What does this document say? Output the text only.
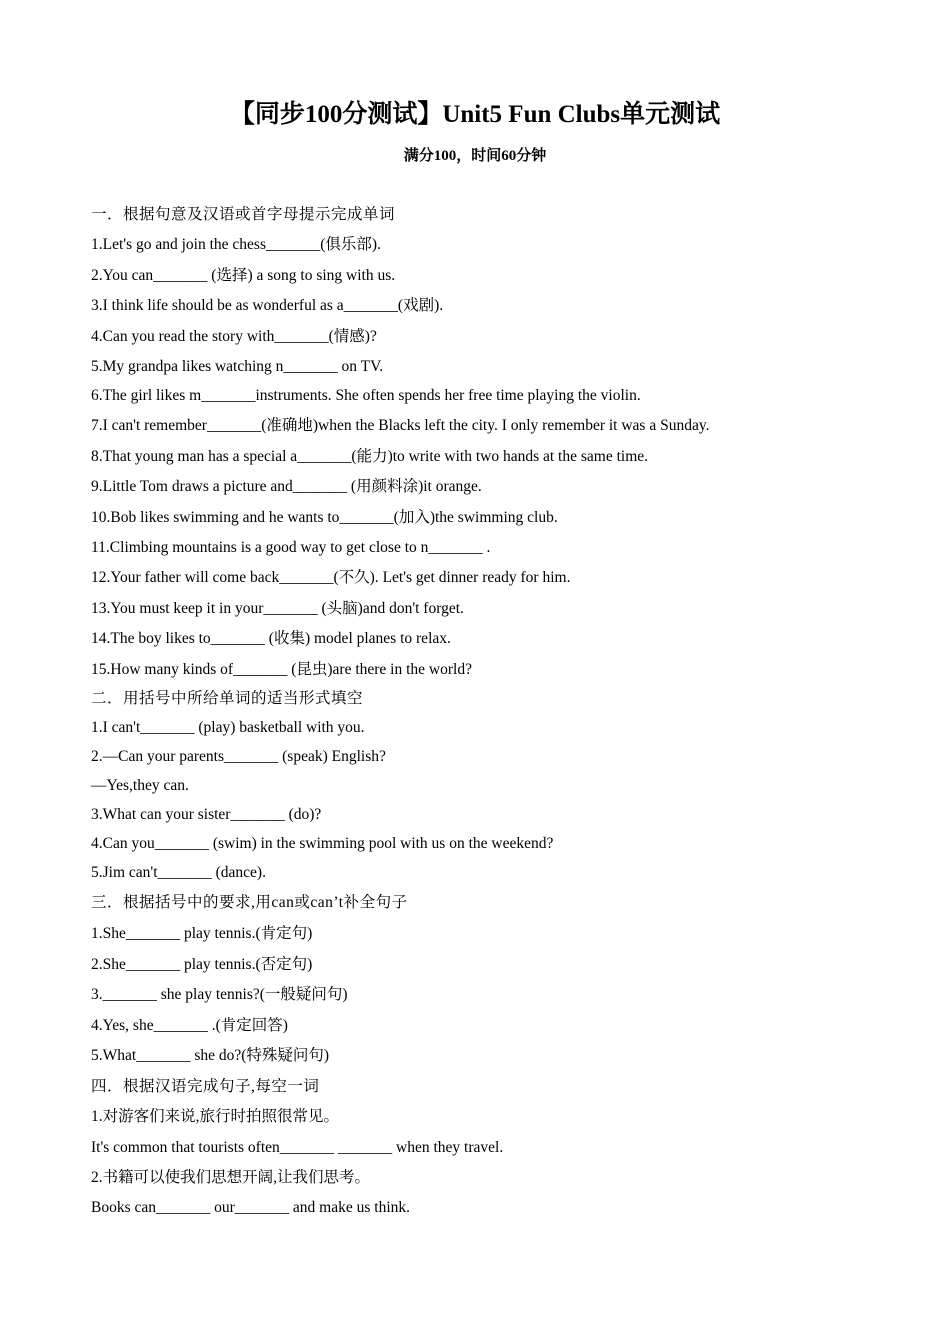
【同步100分测试】Unit5 Fun Clubs单元测试
满分100，时间60分钟
一．根据句意及汉语或首字母提示完成单词
1.Let's go and join the chess_______(俱乐部).
2.You can_______ (选择) a song to sing with us.
3.I think life should be as wonderful as a_______(戏剧).
4.Can you read the story with_______(情感)?
5.My grandpa likes watching n_______ on TV.
6.The girl likes m_______instruments. She often spends her free time playing the violin.
7.I can't remember_______(准确地)when the Blacks left the city. I only remember it was a Sunday.
8.That young man has a special a_______(能力)to write with two hands at the same time.
9.Little Tom draws a picture and_______ (用颜料涂)it orange.
10.Bob likes swimming and he wants to_______(加入)the swimming club.
11.Climbing mountains is a good way to get close to n_______ .
12.Your father will come back_______(不久). Let's get dinner ready for him.
13.You must keep it in your_______ (头脑)and don't forget.
14.The boy likes to_______ (收集) model planes to relax.
15.How many kinds of_______ (昆虫)are there in the world?
二．用括号中所给单词的适当形式填空
1.I can't_______ (play) basketball with you.
2.—Can your parents_______ (speak) English?
—Yes,they can.
3.What can your sister_______ (do)?
4.Can you_______ (swim) in the swimming pool with us on the weekend?
5.Jim can't_______ (dance).
三．根据括号中的要求,用can或can’t补全句子
1.She_______ play tennis.(肯定句)
2.She_______ play tennis.(否定句)
3._______ she play tennis?(一般疑问句)
4.Yes, she_______ .(肯定回答)
5.What_______ she do?(特殊疑问句)
四．根据汉语完成句子,每空一词
1.对游客们来说,旅行时拍照很常见。
It's common that tourists often_______ _______ when they travel.
2.书籍可以使我们思想开阔,让我们思考。
Books can_______ our_______ and make us think.
